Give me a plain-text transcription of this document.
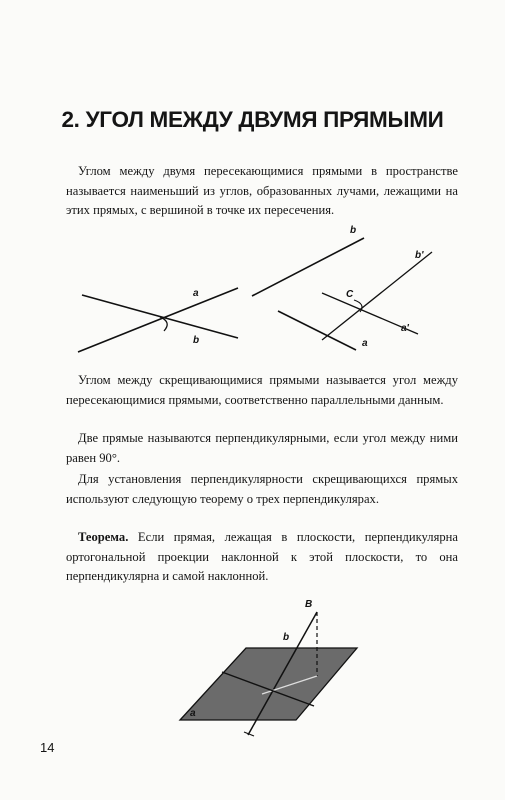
2. УГОЛ МЕЖДУ ДВУМЯ ПРЯМЫМИ

Углом между двумя пересекающимися прямыми в пространстве называется наименьший из углов, образованных лучами, лежащими на этих прямых, с вершиной в точке их пересечения.

a
b
b
b'
C
a'
a
B
b
a

Углом между скрещивающимися прямыми называется угол между пересекающимися прямыми, соответственно параллельными данным.

Две прямые называются перпендикулярными, если угол между ними равен 90°.

Для установления перпендикулярности скрещивающихся прямых используют следующую теорему о трех перпендикулярах.

Теорема. Если прямая, лежащая в плоскости, перпендикулярна ортогональной проекции наклонной к этой плоскости, то она перпендикулярна и самой наклонной.

14
